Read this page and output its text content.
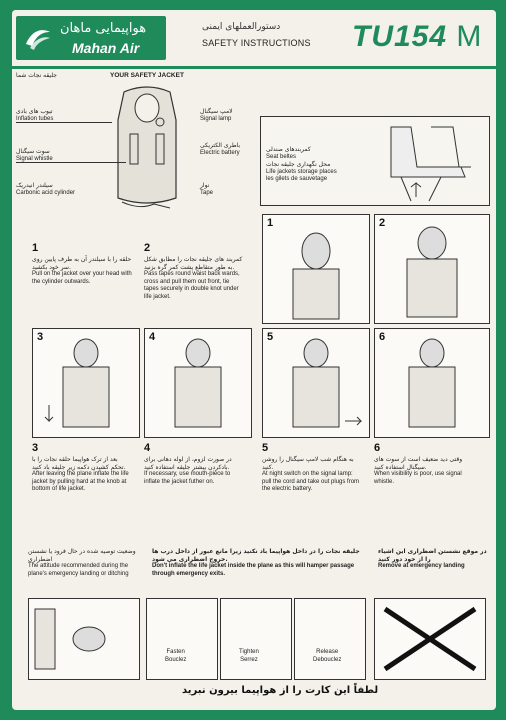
هواپیمایی ماهان
Mahan Air
دستورالعملهای ایمنی
SAFETY INSTRUCTIONS TU154 M
جلیقه نجات شما	YOUR SAFETY JACKET
تیوب های بادی
Inflation tubes
سوت سیگنال
Signal whistle
سیلندر انیدریک
Carbonic acid cylinder
لامپ سیگنال
Signal lamp
باطری الکتریکی
Electric battery
نوار
Tape
کمربندهای صندلی
Seat beltes
محل نگهداری جلیقه نجات
Life jackets storage places
les gilets de sauvetage
1
حلقه را با سیلندر آن به طرف پایین روی سر خود بکشید.
Pull on the jacket over your head with the cylinder outwards.
2
کمربند های جلیقه نجات را مطابق شکل به طور متقاطع پشت کمر گره بزنید.
Pass tapes round waist back wards, cross and pull them out front, tie tapes securely in double knot under life jacket.
1	2
3	4	5	6
3
بعد از ترک هواپیما حلقه نجات را با تحکم کشیدن دکمه زیر جلیقه باد کنید.
After leaving the plane inflate the life jacket by pulling hard at the knob at bottom of life jacket.
4
در صورت لزوم، از لوله دهانی برای بادکردن بیشتر جلیقه استفاده کنید.
If necessary, use mouth-piece to inflate the jacket futher on.
5
به هنگام شب لامپ سیگنال را روشن کنید.
At night switch on the signal lamp: pull the cord and take out plugs from the electric battery.
6
وقتی دید ضعیف است از سوت های سیگنال استفاده کنید.
When visibility is poor, use signal whistle.
وضعیت توصیه شده در حال فرود یا نشستن اضطراری
The attitude recommended during the plane's emergency landing or ditching
جلیقه نجات را در داخل هواپیما باد نکنید زیرا مانع عبور از داخل درب ها خروج اضطراری می شود.
Don't inflate the life jacket inside the plane as this will hamper passage through emergency exits.
در موقع نشستن اضطراری این اشیاء را از خود دور کنید
Remove at emergency landing
Fasten
Bouclez
Tighten
Serrez
Release
Debouclez
لطفاً این کارت را از هواپیما بیرون نبرید
